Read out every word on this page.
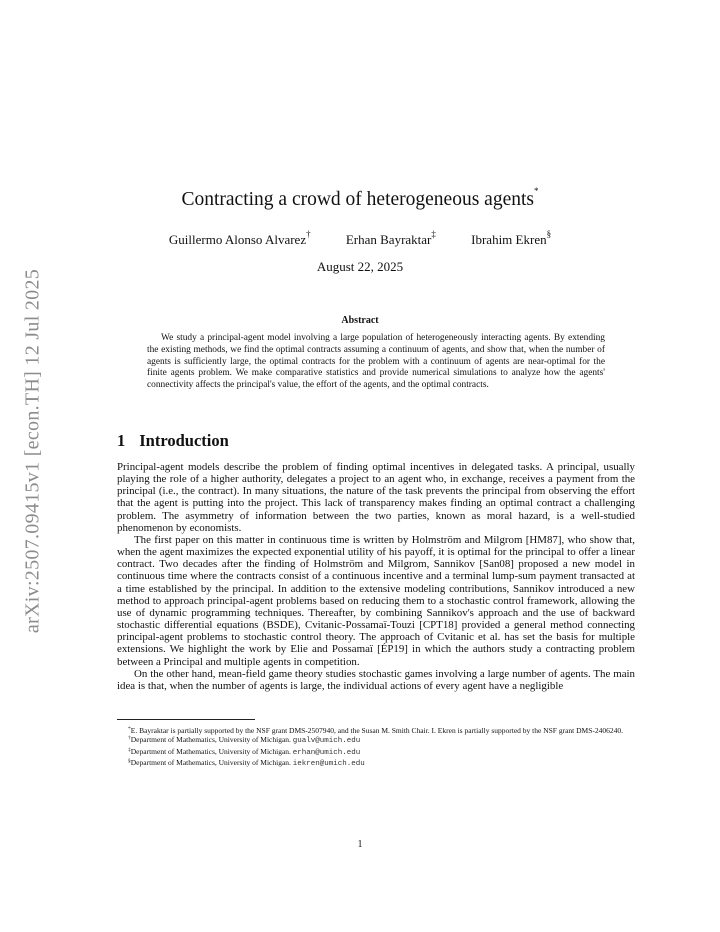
arXiv:2507.09415v1 [econ.TH] 12 Jul 2025
Contracting a crowd of heterogeneous agents*
Guillermo Alonso Alvarez†	Erhan Bayraktar‡	Ibrahim Ekren§
August 22, 2025
Abstract
We study a principal-agent model involving a large population of heterogeneously interacting agents. By extending the existing methods, we find the optimal contracts assuming a continuum of agents, and show that, when the number of agents is sufficiently large, the optimal contracts for the problem with a continuum of agents are near-optimal for the finite agents problem. We make comparative statistics and provide numerical simulations to analyze how the agents' connectivity affects the principal's value, the effort of the agents, and the optimal contracts.
1 Introduction

Principal-agent models describe the problem of finding optimal incentives in delegated tasks. A principal, usually playing the role of a higher authority, delegates a project to an agent who, in exchange, receives a payment from the principal (i.e., the contract). In many situations, the nature of the task prevents the principal from observing the effort that the agent is putting into the project. This lack of transparency makes finding an optimal contract a challenging problem. The asymmetry of information between the two parties, known as moral hazard, is a well-studied phenomenon by economists.

The first paper on this matter in continuous time is written by Holmström and Milgrom [HM87], who show that, when the agent maximizes the expected exponential utility of his payoff, it is optimal for the principal to offer a linear contract. Two decades after the finding of Holmström and Milgrom, Sannikov [San08] proposed a new model in continuous time where the contracts consist of a continuous incentive and a terminal lump-sum payment transacted at a time established by the principal. In addition to the extensive modeling contributions, Sannikov introduced a new method to approach principal-agent problems based on reducing them to a stochastic control framework, allowing the use of dynamic programming techniques. Thereafter, by combining Sannikov's approach and the use of backward stochastic differential equations (BSDE), Cvitanic-Possamaï-Touzi [CPT18] provided a general method connecting principal-agent problems to stochastic control theory. The approach of Cvitanic et al. has set the basis for multiple extensions. We highlight the work by Elie and Possamaï [ÉP19] in which the authors study a contracting problem between a Principal and multiple agents in competition.

On the other hand, mean-field game theory studies stochastic games involving a large number of agents. The main idea is that, when the number of agents is large, the individual actions of every agent have a negligible

*E. Bayraktar is partially supported by the NSF grant DMS-2507940, and the Susan M. Smith Chair. I. Ekren is partially supported by the NSF grant DMS-2406240.

†Department of Mathematics, University of Michigan. gualv@umich.edu

‡Department of Mathematics, University of Michigan. erhan@umich.edu

§Department of Mathematics, University of Michigan. iekren@umich.edu

1
